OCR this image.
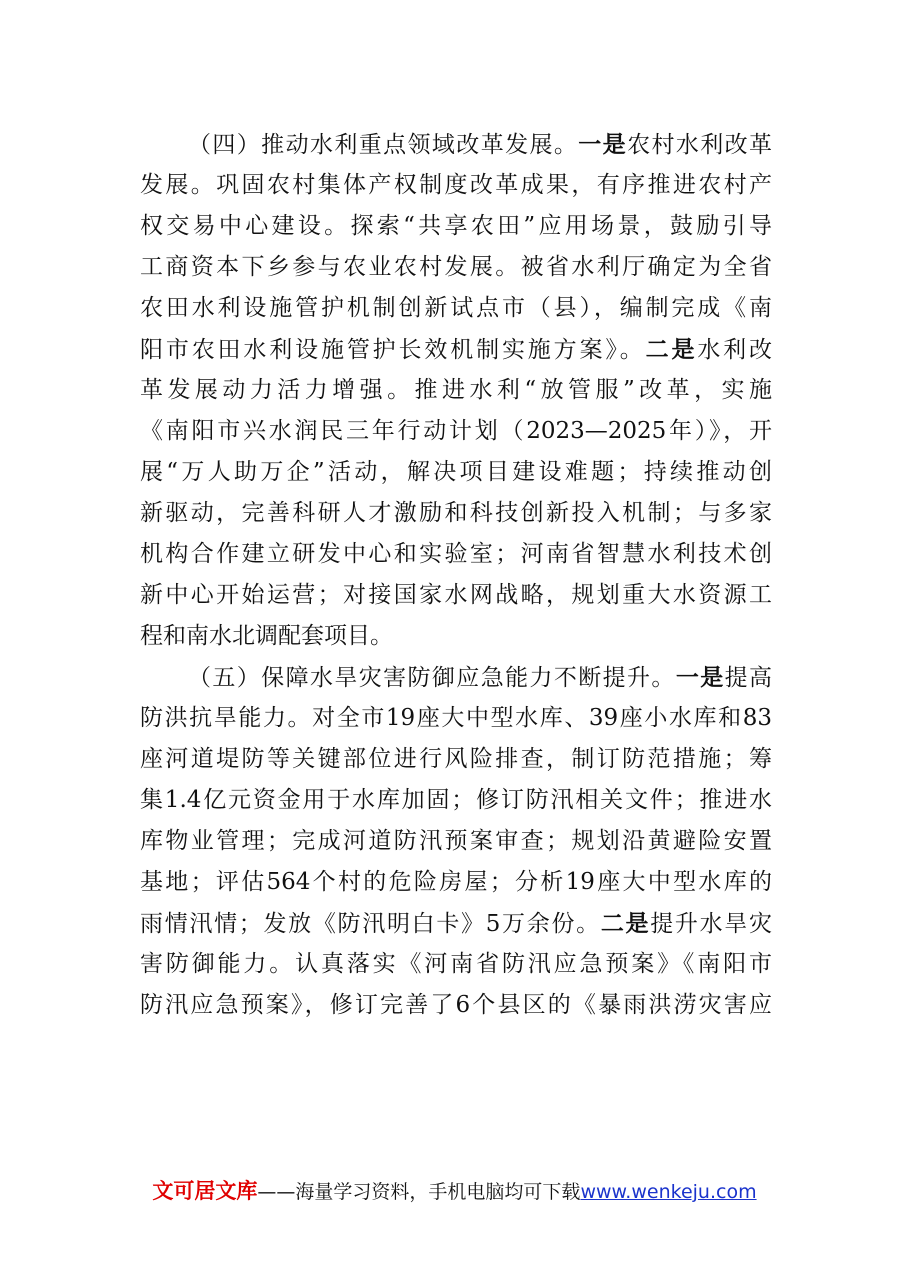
（四）推动水利重点领域改革发展。一是农村水利改革
发展。巩固农村集体产权制度改革成果，有序推进农村产
权交易中心建设。探索“共享农田”应用场景，鼓励引导
工商资本下乡参与农业农村发展。被省水利厅确定为全省
农田水利设施管护机制创新试点市（县），编制完成《南
阳市农田水利设施管护长效机制实施方案》。二是水利改
革发展动力活力增强。推进水利“放管服”改革，实施
《南阳市兴水润民三年行动计划（2023—2025年）》，开
展“万人助万企”活动，解决项目建设难题；持续推动创
新驱动，完善科研人才激励和科技创新投入机制；与多家
机构合作建立研发中心和实验室；河南省智慧水利技术创
新中心开始运营；对接国家水网战略，规划重大水资源工
程和南水北调配套项目。
（五）保障水旱灾害防御应急能力不断提升。一是提高
防洪抗旱能力。对全市19座大中型水库、39座小水库和83
座河道堤防等关键部位进行风险排查，制订防范措施；筹
集1.4亿元资金用于水库加固；修订防汛相关文件；推进水
库物业管理；完成河道防汛预案审查；规划沿黄避险安置
基地；评估564个村的危险房屋；分析19座大中型水库的
雨情汛情；发放《防汛明白卡》5万余份。二是提升水旱灾
害防御能力。认真落实《河南省防汛应急预案》《南阳市
防汛应急预案》，修订完善了6个县区的《暴雨洪涝灾害应
文可居文库——海量学习资料，手机电脑均可下载www.wenkeju.com
